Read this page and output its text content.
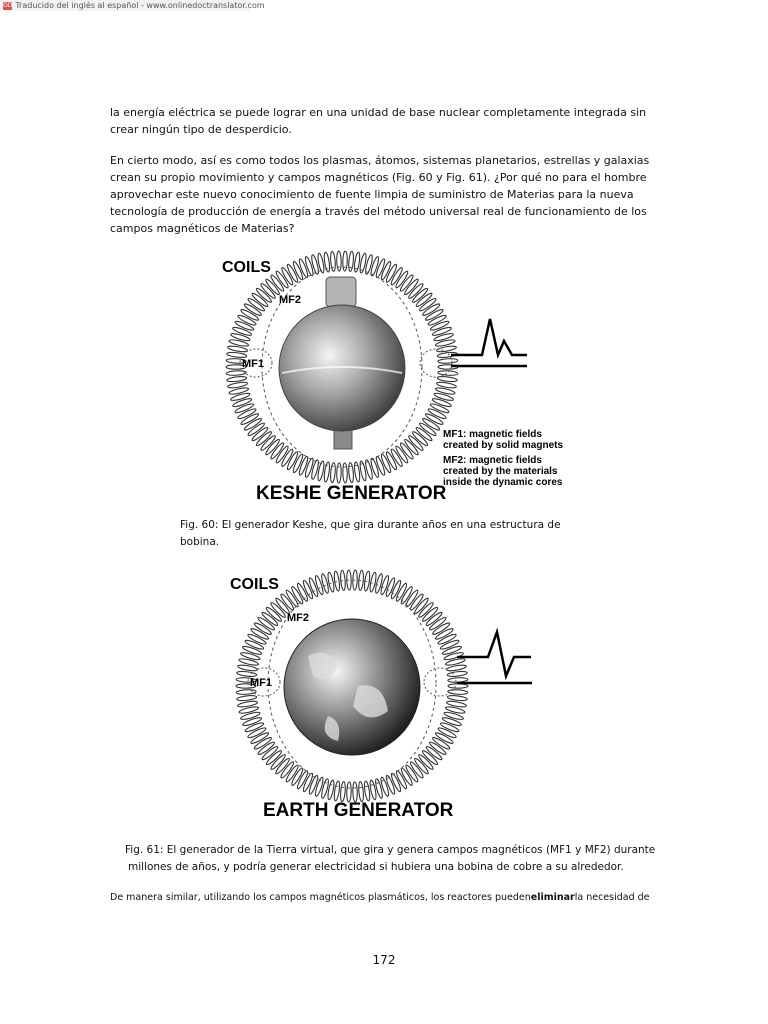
OD Traducido del inglés al español - www.onlinedoctranslator.com

la energía eléctrica se puede lograr en una unidad de base nuclear completamente integrada sin crear ningún tipo de desperdicio.

En cierto modo, así es como todos los plasmas, átomos, sistemas planetarios, estrellas y galaxias crean su propio movimiento y campos magnéticos (Fig. 60 y Fig. 61). ¿Por qué no para el hombre aprovechar este nuevo conocimiento de fuente limpia de suministro de Materias para la nueva tecnología de producción de energía a través del método universal real de funcionamiento de los campos magnéticos de Materias?

COILS
MF2
MF1
MF1: magnetic fields
created by solid magnets
MF2: magnetic fields
created by the materials
inside the dynamic cores
KESHE GENERATOR

Fig. 60: El generador Keshe, que gira durante años en una estructura de bobina.

COILS
MF2
MF1
EARTH GENERATOR

Fig. 61: El generador de la Tierra virtual, que gira y genera campos magnéticos (MF1 y MF2) durante
millones de años, y podría generar electricidad si hubiera una bobina de cobre a su alrededor.

De manera similar, utilizando los campos magnéticos plasmáticos, los reactores puedeneliminarla necesidad de

172
